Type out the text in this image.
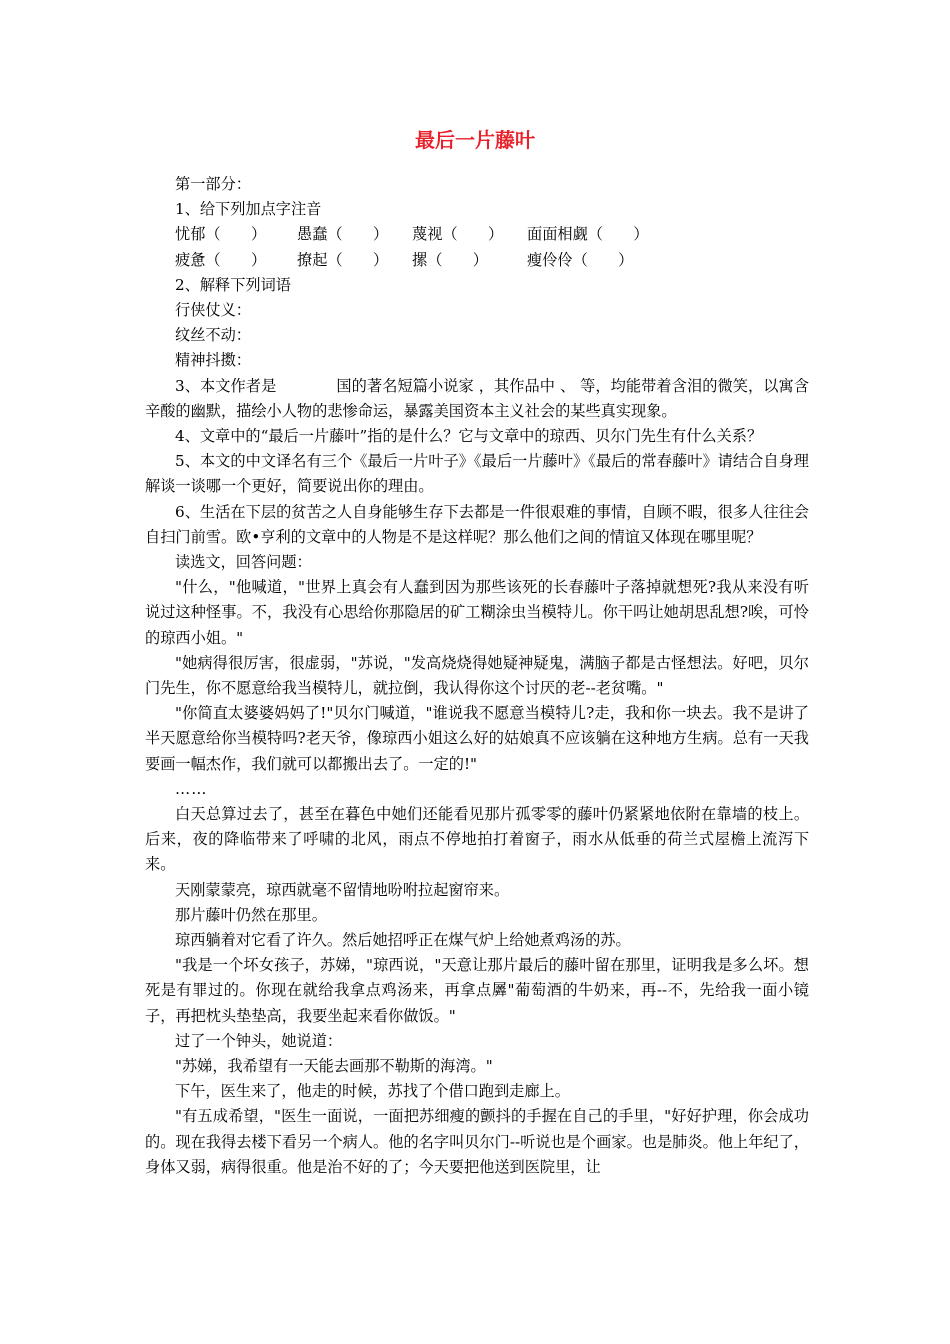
最后一片藤叶

第一部分：

1、给下列加点字注音

忧郁（　　）	愚蠢（　　）	蔑视（　　）	面面相觑（　　）
疲惫（　　）	撩起（　　）	摞（　　）	瘦伶伶（　　）

2、解释下列词语

行侠仗义：

纹丝不动：

精神抖擞：

3、本文作者是	国的著名短篇小说家 ，其作品中 、 等，均能带着含泪的微笑，以寓含辛酸的幽默，描绘小人物的悲惨命运，暴露美国资本主义社会的某些真实现象。

4、文章中的“最后一片藤叶”指的是什么？它与文章中的琼西、贝尔门先生有什么关系？

5、本文的中文译名有三个《最后一片叶子》《最后一片藤叶》《最后的常春藤叶》请结合自身理解谈一谈哪一个更好，简要说出你的理由。

6、生活在下层的贫苦之人自身能够生存下去都是一件很艰难的事情，自顾不暇，很多人往往会自扫门前雪。欧•亨利的文章中的人物是不是这样呢？那么他们之间的情谊又体现在哪里呢？

读选文，回答问题：

"什么，"他喊道，"世界上真会有人蠢到因为那些该死的长春藤叶子落掉就想死?我从来没有听说过这种怪事。不，我没有心思给你那隐居的矿工糊涂虫当模特儿。你干吗让她胡思乱想?唉，可怜的琼西小姐。"

"她病得很厉害，很虚弱，"苏说，"发高烧烧得她疑神疑鬼，满脑子都是古怪想法。好吧，贝尔门先生，你不愿意给我当模特儿，就拉倒，我认得你这个讨厌的老--老贫嘴。"

"你简直太婆婆妈妈了!"贝尔门喊道，"谁说我不愿意当模特儿?走，我和你一块去。我不是讲了半天愿意给你当模特吗?老天爷，像琼西小姐这么好的姑娘真不应该躺在这种地方生病。总有一天我要画一幅杰作，我们就可以都搬出去了。一定的!"

……

白天总算过去了，甚至在暮色中她们还能看见那片孤零零的藤叶仍紧紧地依附在靠墙的枝上。后来，夜的降临带来了呼啸的北风，雨点不停地拍打着窗子，雨水从低垂的荷兰式屋檐上流泻下来。

天刚蒙蒙亮，琼西就毫不留情地吩咐拉起窗帘来。

那片藤叶仍然在那里。

琼西躺着对它看了许久。然后她招呼正在煤气炉上给她煮鸡汤的苏。

"我是一个坏女孩子，苏娣，"琼西说，"天意让那片最后的藤叶留在那里，证明我是多么坏。想死是有罪过的。你现在就给我拿点鸡汤来，再拿点羼"葡萄酒的牛奶来，再--不，先给我一面小镜子，再把枕头垫垫高，我要坐起来看你做饭。"

过了一个钟头，她说道：

"苏娣，我希望有一天能去画那不勒斯的海湾。"

下午，医生来了，他走的时候，苏找了个借口跑到走廊上。

"有五成希望，"医生一面说，一面把苏细瘦的颤抖的手握在自己的手里，"好好护理，你会成功的。现在我得去楼下看另一个病人。他的名字叫贝尔门--听说也是个画家。也是肺炎。他上年纪了，身体又弱，病得很重。他是治不好的了；今天要把他送到医院里，让
